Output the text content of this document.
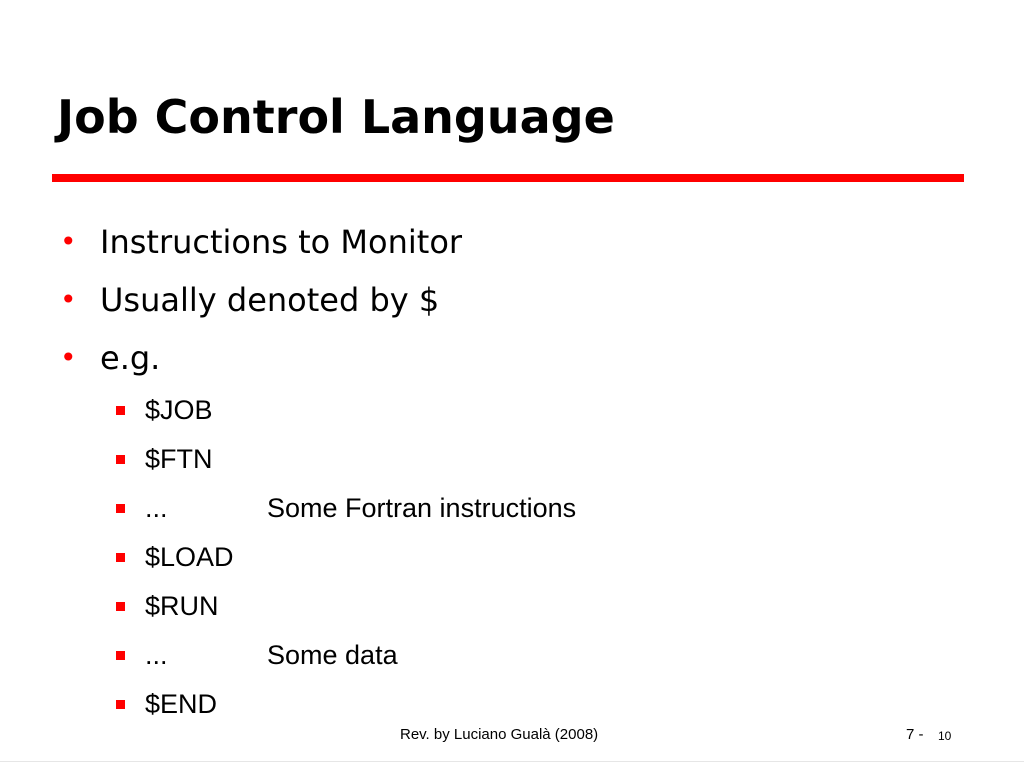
Job Control Language
• Instructions to Monitor
• Usually denoted by $
• e.g.
$JOB
$FTN
...	Some Fortran instructions
$LOAD
$RUN
...	Some data
$END
Rev. by Luciano Gualà (2008)	7 - 10
